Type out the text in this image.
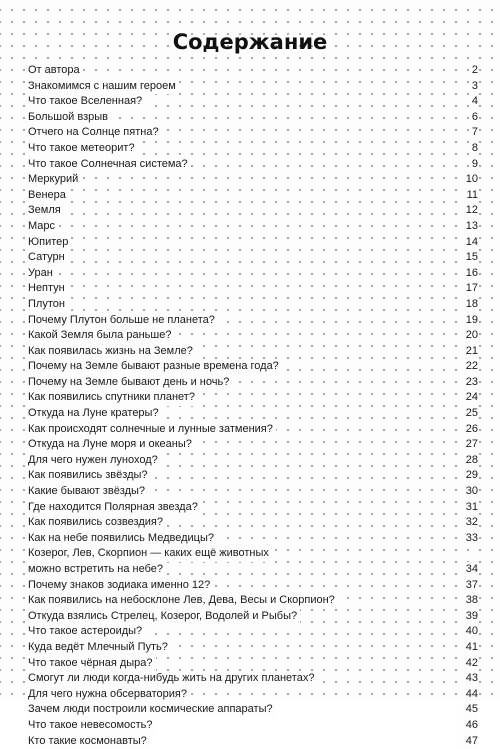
Содержание
От автора	2
Знакомимся с нашим героем	3
Что такое Вселенная?	4
Большой взрыв	6
Отчего на Солнце пятна?	7
Что такое метеорит?	8
Что такое Солнечная система?	9
Меркурий	10
Венера	11
Земля	12
Марс	13
Юпитер	14
Сатурн	15
Уран	16
Нептун	17
Плутон	18
Почему Плутон больше не планета?	19
Какой Земля была раньше?	20
Как появилась жизнь на Земле?	21
Почему на Земле бывают разные времена года?	22
Почему на Земле бывают день и ночь?	23
Как появились спутники планет?	24
Откуда на Луне кратеры?	25
Как происходят солнечные и лунные затмения?	26
Откуда на Луне моря и океаны?	27
Для чего нужен луноход?	28
Как появились звёзды?	29
Какие бывают звёзды?	30
Где находится Полярная звезда?	31
Как появились созвездия?	32
Как на небе появились Медведицы?	33
Козерог, Лев, Скорпион — каких ещё животных
можно встретить на небе?	34
Почему знаков зодиака именно 12?	37
Как появились на небосклоне Лев, Дева, Весы и Скорпион?	38
Откуда взялись Стрелец, Козерог, Водолей и Рыбы?	39
Что такое астероиды?	40
Куда ведёт Млечный Путь?	41
Что такое чёрная дыра?	42
Смогут ли люди когда-нибудь жить на других планетах?	43
Для чего нужна обсерватория?	44
Зачем люди построили космические аппараты?	45
Что такое невесомость?	46
Кто такие космонавты?	47
